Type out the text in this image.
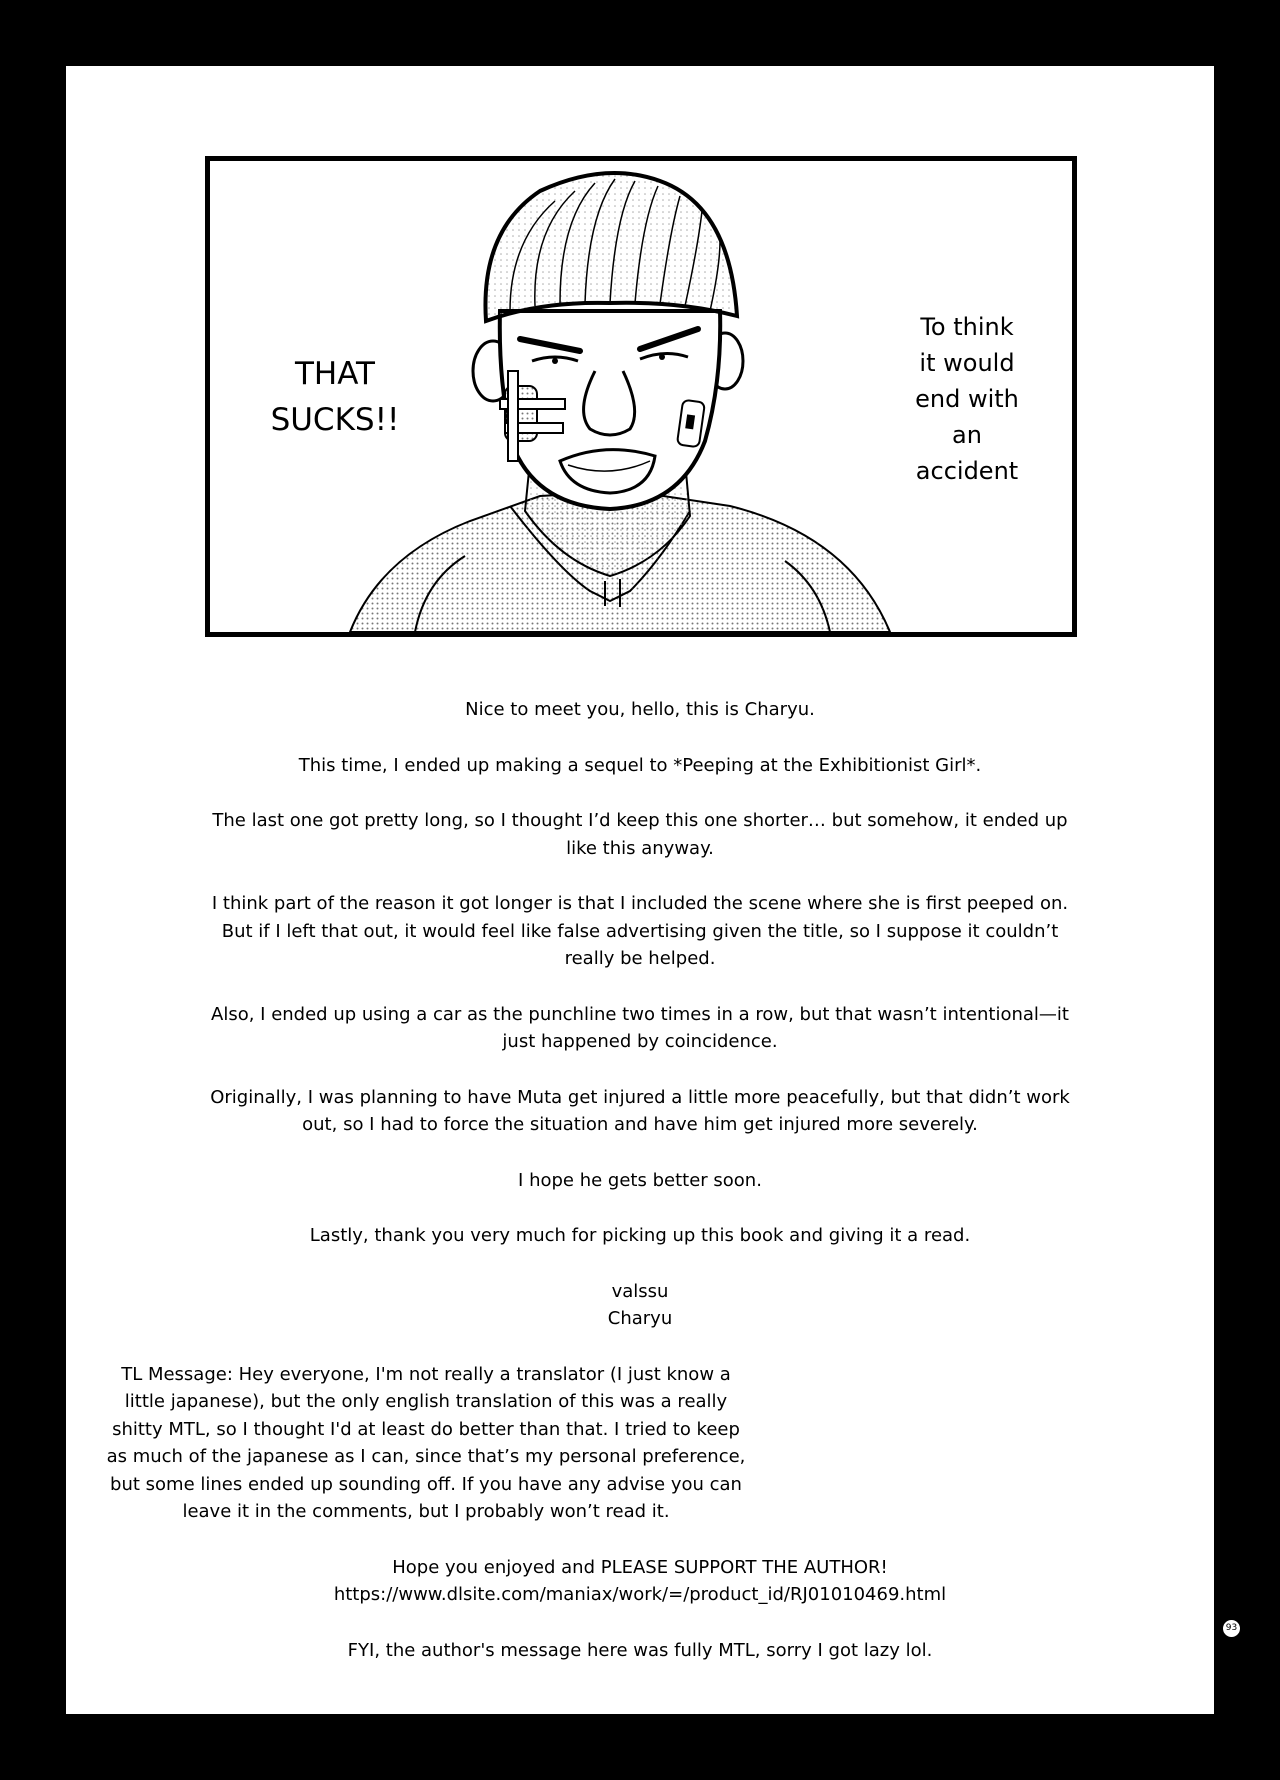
THAT
SUCKS!!
To think
it would
end with
an
accident

Nice to meet you, hello, this is Charyu.

This time, I ended up making a sequel to *Peeping at the Exhibitionist Girl*.

The last one got pretty long, so I thought I’d keep this one shorter… but somehow, it ended up
like this anyway.

I think part of the reason it got longer is that I included the scene where she is first peeped on.
But if I left that out, it would feel like false advertising given the title, so I suppose it couldn’t
really be helped.

Also, I ended up using a car as the punchline two times in a row, but that wasn’t intentional—it
just happened by coincidence.

Originally, I was planning to have Muta get injured a little more peacefully, but that didn’t work
out, so I had to force the situation and have him get injured more severely.

I hope he gets better soon.

Lastly, thank you very much for picking up this book and giving it a read.

valssu
Charyu

TL Message: Hey everyone, I'm not really a translator (I just know a little japanese), but the only english translation of this was a really shitty MTL, so I thought I'd at least do better than that. I tried to keep as much of the japanese as I can, since that’s my personal preference, but some lines ended up sounding off. If you have any advise you can leave it in the comments, but I probably won’t read it.

Hope you enjoyed and PLEASE SUPPORT THE AUTHOR!

https://www.dlsite.com/maniax/work/=/product_id/RJ01010469.html

FYI, the author's message here was fully MTL, sorry I got lazy lol.

93
